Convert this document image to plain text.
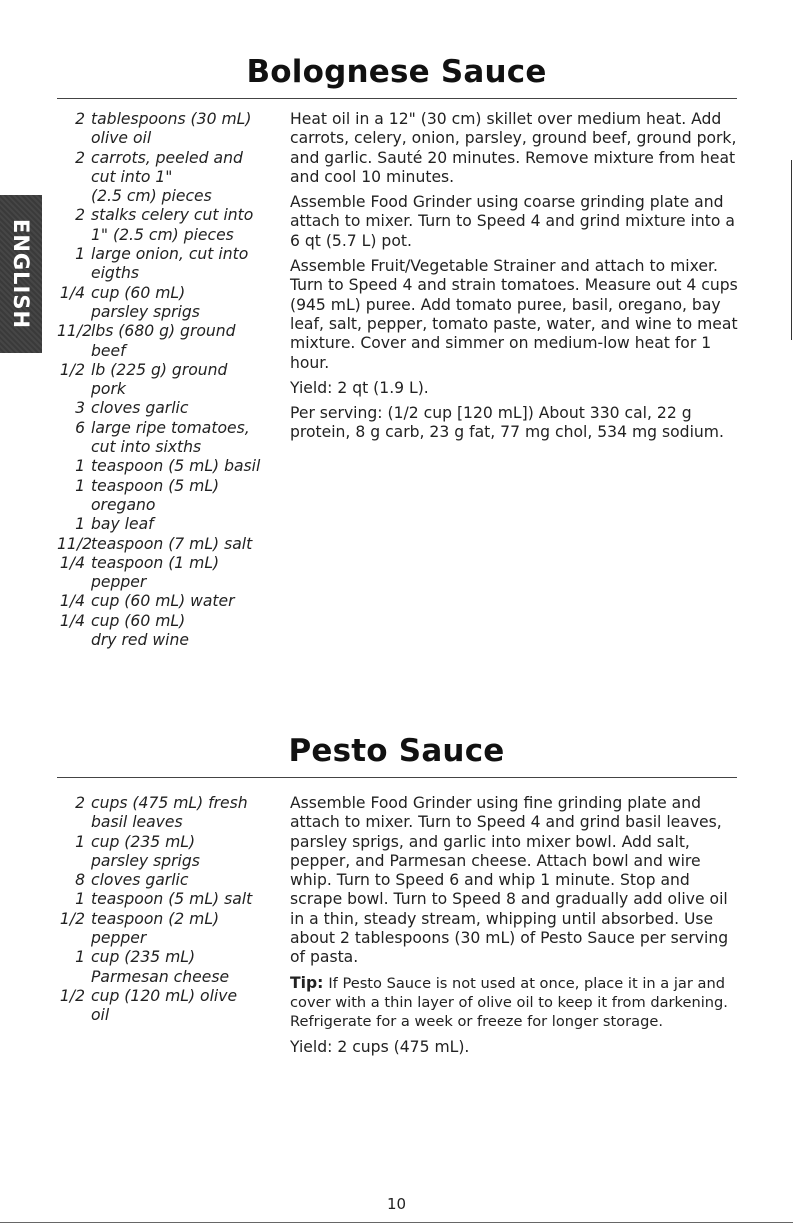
Bolognese Sauce
ENGLISH
2 tablespoons (30 mL)
olive oil
2 carrots, peeled and
cut into 1"
(2.5 cm) pieces
2 stalks celery cut into
1" (2.5 cm) pieces
1 large onion, cut into
eigths
1/4 cup (60 mL)
parsley sprigs
11/2
lbs (680 g) ground
beef
1/2 lb (225 g) ground
pork
3 cloves garlic
6 large ripe tomatoes,
cut into sixths
1 teaspoon (5 mL) basil
1 teaspoon (5 mL)
oregano
1 bay leaf
11/2
teaspoon (7 mL) salt
1/4 teaspoon (1 mL)
pepper
1/4 cup (60 mL) water
1/4 cup (60 mL)
dry red wine

Heat oil in a 12" (30 cm) skillet over medium heat. Add carrots, celery, onion, parsley, ground beef, ground pork, and garlic. Sauté 20 minutes. Remove mixture from heat and cool 10 minutes.

Assemble Food Grinder using coarse grinding plate and attach to mixer. Turn to Speed 4 and grind mixture into a 6 qt (5.7 L) pot.

Assemble Fruit/Vegetable Strainer and attach to mixer. Turn to Speed 4 and strain tomatoes. Measure out 4 cups (945 mL) puree. Add tomato puree, basil, oregano, bay leaf, salt, pepper, tomato paste, water, and wine to meat mixture. Cover and simmer on medium-low heat for 1 hour.

Yield: 2 qt (1.9 L).

Per serving: (1/2 cup [120 mL]) About 330 cal, 22 g protein, 8 g carb, 23 g fat, 77 mg chol, 534 mg sodium.

Pesto Sauce
2 cups (475 mL) fresh
basil leaves
1 cup (235 mL)
parsley sprigs
8 cloves garlic
1 teaspoon (5 mL) salt
1/2 teaspoon (2 mL)
pepper
1 cup (235 mL)
Parmesan cheese
1/2 cup (120 mL) olive
oil

Assemble Food Grinder using fine grinding plate and attach to mixer. Turn to Speed 4 and grind basil leaves, parsley sprigs, and garlic into mixer bowl. Add salt, pepper, and Parmesan cheese. Attach bowl and wire whip. Turn to Speed 6 and whip 1 minute. Stop and scrape bowl. Turn to Speed 8 and gradually add olive oil in a thin, steady stream, whipping until absorbed. Use about 2 tablespoons (30 mL) of Pesto Sauce per serving of pasta.

Tip: If Pesto Sauce is not used at once, place it in a jar and cover with a thin layer of olive oil to keep it from darkening. Refrigerate for a week or freeze for longer storage.

Yield: 2 cups (475 mL).

10
